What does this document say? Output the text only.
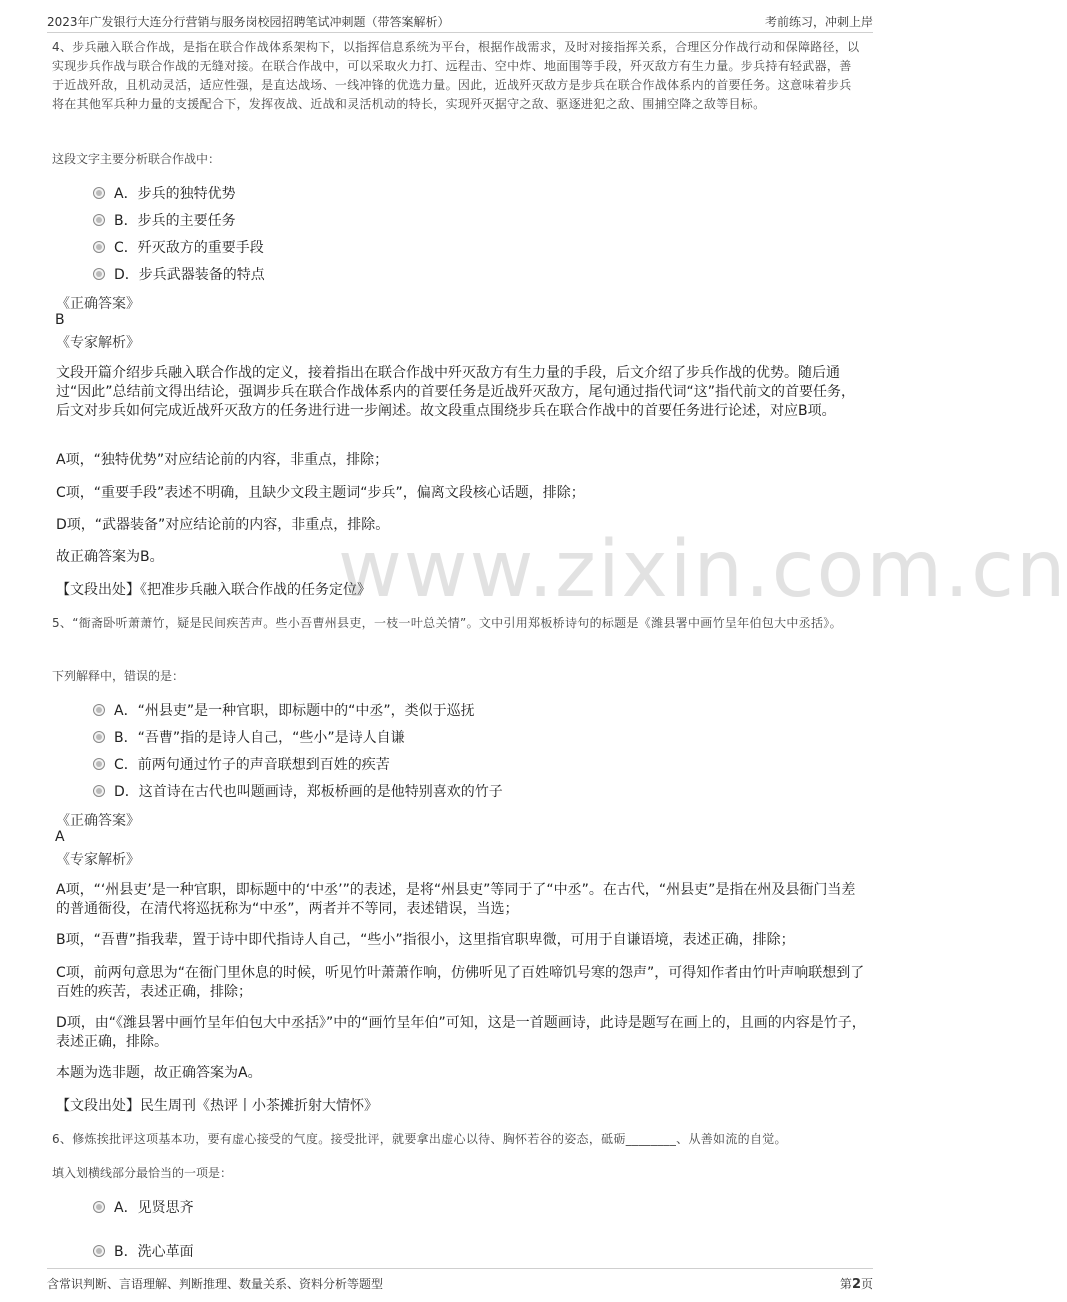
2023年广发银行大连分行营销与服务岗校园招聘笔试冲刺题（带答案解析）	考前练习，冲刺上岸
www.zixin.com.cn
4、步兵融入联合作战，是指在联合作战体系架构下，以指挥信息系统为平台，根据作战需求，及时对接指挥关系，合理区分作战行动和保障路径，以实现步兵作战与联合作战的无缝对接。在联合作战中，可以采取火力打、远程击、空中炸、地面围等手段，歼灭敌方有生力量。步兵持有轻武器，善于近战歼敌，且机动灵活，适应性强，是直达战场、一线冲锋的优选力量。因此，近战歼灭敌方是步兵在联合作战体系内的首要任务。这意味着步兵将在其他军兵种力量的支援配合下，发挥夜战、近战和灵活机动的特长，实现歼灭据守之敌、驱逐进犯之敌、围捕空降之敌等目标。
这段文字主要分析联合作战中：
A．步兵的独特优势
B．步兵的主要任务
C．歼灭敌方的重要手段
D．步兵武器装备的特点
《正确答案》
B
《专家解析》
文段开篇介绍步兵融入联合作战的定义，接着指出在联合作战中歼灭敌方有生力量的手段，后文介绍了步兵作战的优势。随后通过“因此”总结前文得出结论，强调步兵在联合作战体系内的首要任务是近战歼灭敌方，尾句通过指代词“这”指代前文的首要任务，后文对步兵如何完成近战歼灭敌方的任务进行进一步阐述。故文段重点围绕步兵在联合作战中的首要任务进行论述，对应B项。
A项，“独特优势”对应结论前的内容，非重点，排除；
C项，“重要手段”表述不明确，且缺少文段主题词“步兵”，偏离文段核心话题，排除；
D项，“武器装备”对应结论前的内容，非重点，排除。
故正确答案为B。
【文段出处】《把准步兵融入联合作战的任务定位》
5、“衙斋卧听萧萧竹，疑是民间疾苦声。些小吾曹州县吏，一枝一叶总关情”。文中引用郑板桥诗句的标题是《潍县署中画竹呈年伯包大中丞括》。
下列解释中，错误的是：
A．“州县吏”是一种官职，即标题中的“中丞”，类似于巡抚
B．“吾曹”指的是诗人自己，“些小”是诗人自谦
C．前两句通过竹子的声音联想到百姓的疾苦
D．这首诗在古代也叫题画诗，郑板桥画的是他特别喜欢的竹子
《正确答案》
A
《专家解析》
A项，“‘州县吏’是一种官职，即标题中的‘中丞’”的表述，是将“州县吏”等同于了“中丞”。在古代，“州县吏”是指在州及县衙门当差的普通衙役，在清代将巡抚称为“中丞”，两者并不等同，表述错误，当选；
B项，“吾曹”指我辈，置于诗中即代指诗人自己，“些小”指很小，这里指官职卑微，可用于自谦语境，表述正确，排除；
C项，前两句意思为“在衙门里休息的时候，听见竹叶萧萧作响，仿佛听见了百姓啼饥号寒的怨声”，可得知作者由竹叶声响联想到了百姓的疾苦，表述正确，排除；
D项，由“《潍县署中画竹呈年伯包大中丞括》”中的“画竹呈年伯”可知，这是一首题画诗，此诗是题写在画上的，且画的内容是竹子，表述正确，排除。
本题为选非题，故正确答案为A。
【文段出处】民生周刊《热评丨小茶摊折射大情怀》
6、修炼挨批评这项基本功，要有虚心接受的气度。接受批评，就要拿出虚心以待、胸怀若谷的姿态，砥砺________、从善如流的自觉。
填入划横线部分最恰当的一项是：
A．见贤思齐
B．洗心革面
含常识判断、言语理解、判断推理、数量关系、资料分析等题型	第2页
